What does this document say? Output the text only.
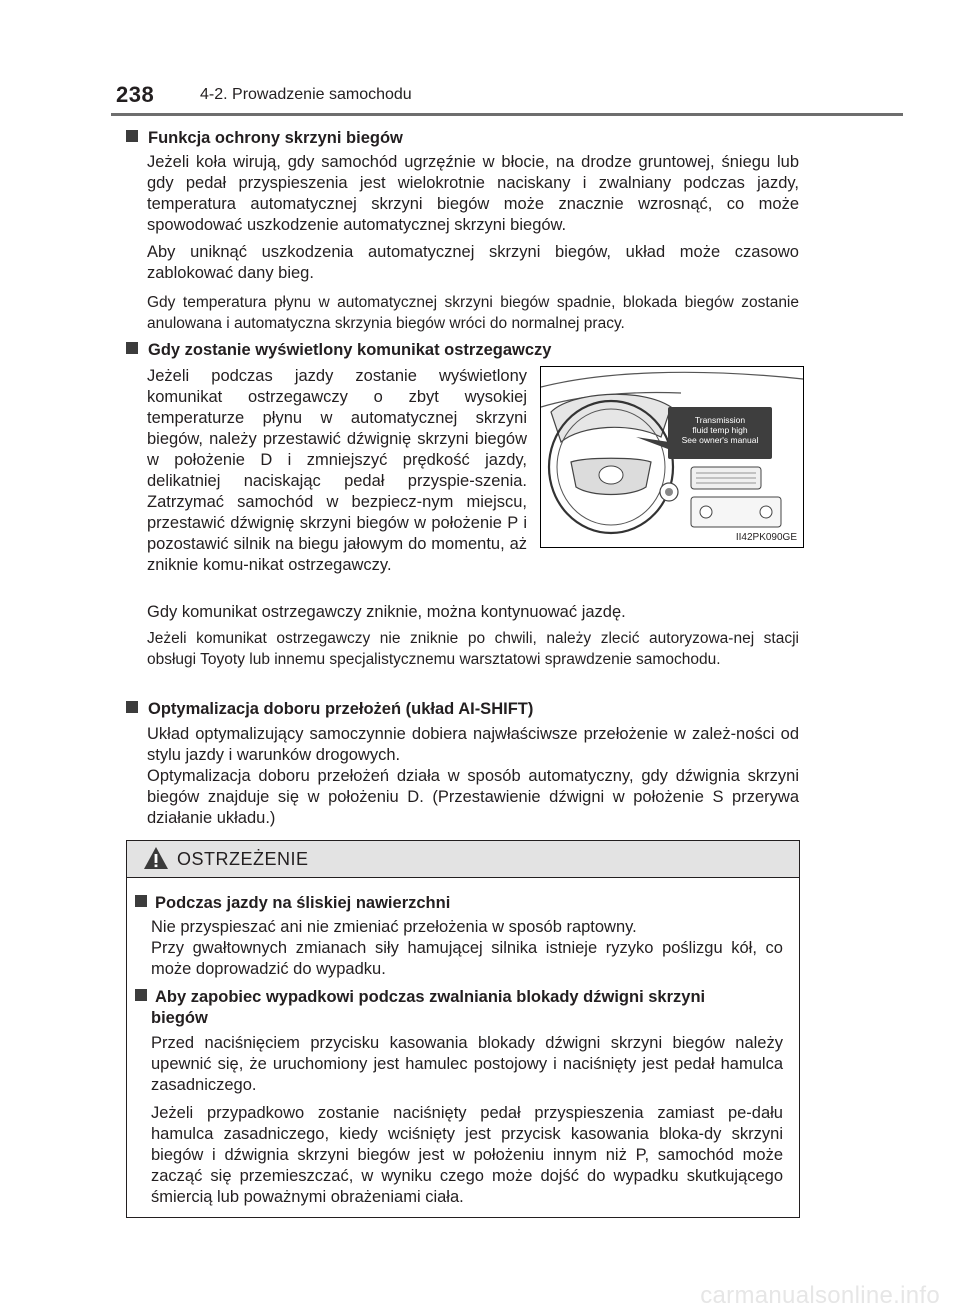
238	4-2. Prowadzenie samochodu
Funkcja ochrony skrzyni biegów
Jeżeli koła wirują, gdy samochód ugrzęźnie w błocie, na drodze gruntowej, śniegu lub gdy pedał przyspieszenia jest wielokrotnie naciskany i zwalniany podczas jazdy, temperatura automatycznej skrzyni biegów może znacznie wzrosnąć, co może spowodować uszkodzenie automatycznej skrzyni biegów.
Aby uniknąć uszkodzenia automatycznej skrzyni biegów, układ może czasowo zablokować dany bieg.
Gdy temperatura płynu w automatycznej skrzyni biegów spadnie, blokada biegów zostanie anulowana i automatyczna skrzynia biegów wróci do normalnej pracy.
Gdy zostanie wyświetlony komunikat ostrzegawczy
Jeżeli podczas jazdy zostanie wyświetlony komunikat ostrzegawczy o zbyt wysokiej temperaturze płynu w automatycznej skrzyni biegów, należy przestawić dźwignię skrzyni biegów w położenie D i zmniejszyć prędkość jazdy, delikatniej naciskając pedał przyspie-szenia. Zatrzymać samochód w bezpiecz-nym miejscu, przestawić dźwignię skrzyni biegów w położenie P i pozostawić silnik na biegu jałowym do momentu, aż zniknie komu-nikat ostrzegawczy.
Transmission
fluid temp high
See owner's manual
II42PK090GE
Gdy komunikat ostrzegawczy zniknie, można kontynuować jazdę.
Jeżeli komunikat ostrzegawczy nie zniknie po chwili, należy zlecić autoryzowa-nej stacji obsługi Toyoty lub innemu specjalistycznemu warsztatowi sprawdzenie samochodu.
Optymalizacja doboru przełożeń (układ AI-SHIFT)
Układ optymalizujący samoczynnie dobiera najwłaściwsze przełożenie w zależ-ności od stylu jazdy i warunków drogowych.
Optymalizacja doboru przełożeń działa w sposób automatyczny, gdy dźwignia skrzyni biegów znajduje się w położeniu D. (Przestawienie dźwigni w położenie S przerywa działanie układu.)
OSTRZEŻENIE
Podczas jazdy na śliskiej nawierzchni
Nie przyspieszać ani nie zmieniać przełożenia w sposób raptowny.
Przy gwałtownych zmianach siły hamującej silnika istnieje ryzyko poślizgu kół, co może doprowadzić do wypadku.
Aby zapobiec wypadkowi podczas zwalniania blokady dźwigni skrzyni
biegów
Przed naciśnięciem przycisku kasowania blokady dźwigni skrzyni biegów należy upewnić się, że uruchomiony jest hamulec postojowy i naciśnięty jest pedał hamulca zasadniczego.
Jeżeli przypadkowo zostanie naciśnięty pedał przyspieszenia zamiast pe-dału hamulca zasadniczego, kiedy wciśnięty jest przycisk kasowania bloka-dy skrzyni biegów i dźwignia skrzyni biegów jest w położeniu innym niż P, samochód może zacząć się przemieszczać, w wyniku czego może dojść do wypadku skutkującego śmiercią lub poważnymi obrażeniami ciała.
carmanualsonline.info
